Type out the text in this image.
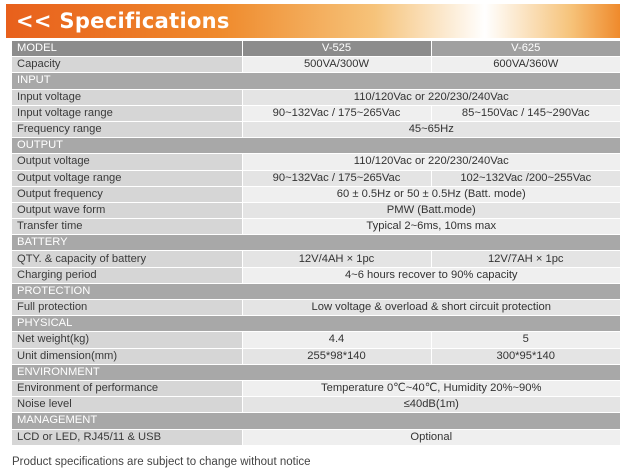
<< Specifications
MODEL	V-525	V-625
Capacity	500VA/300W	600VA/360W
INPUT		
Input voltage	110/120Vac or 220/230/240Vac	
Input voltage range	90~132Vac / 175~265Vac	85~150Vac / 145~290Vac
Frequency range	45~65Hz	
OUTPUT		
Output voltage	110/120Vac or 220/230/240Vac	
Output voltage range	90~132Vac / 175~265Vac	102~132Vac /200~255Vac
Output frequency	60 ± 0.5Hz or 50 ± 0.5Hz (Batt. mode)	
Output wave form	PMW (Batt.mode)	
Transfer time	Typical 2~6ms, 10ms max	
BATTERY		
QTY. & capacity of battery	12V/4AH × 1pc	12V/7AH × 1pc
Charging period	4~6 hours recover to 90% capacity	
PROTECTION		
Full protection	Low voltage & overload & short circuit protection	
PHYSICAL		
Net weight(kg)	4.4	5
Unit dimension(mm)	255*98*140	300*95*140
ENVIRONMENT		
Environment of performance	Temperature 0℃~40℃, Humidity 20%~90%	
Noise level	≤40dB(1m)	
MANAGEMENT		
LCD or LED, RJ45/11 & USB	Optional	
Product specifications are subject to change without notice
